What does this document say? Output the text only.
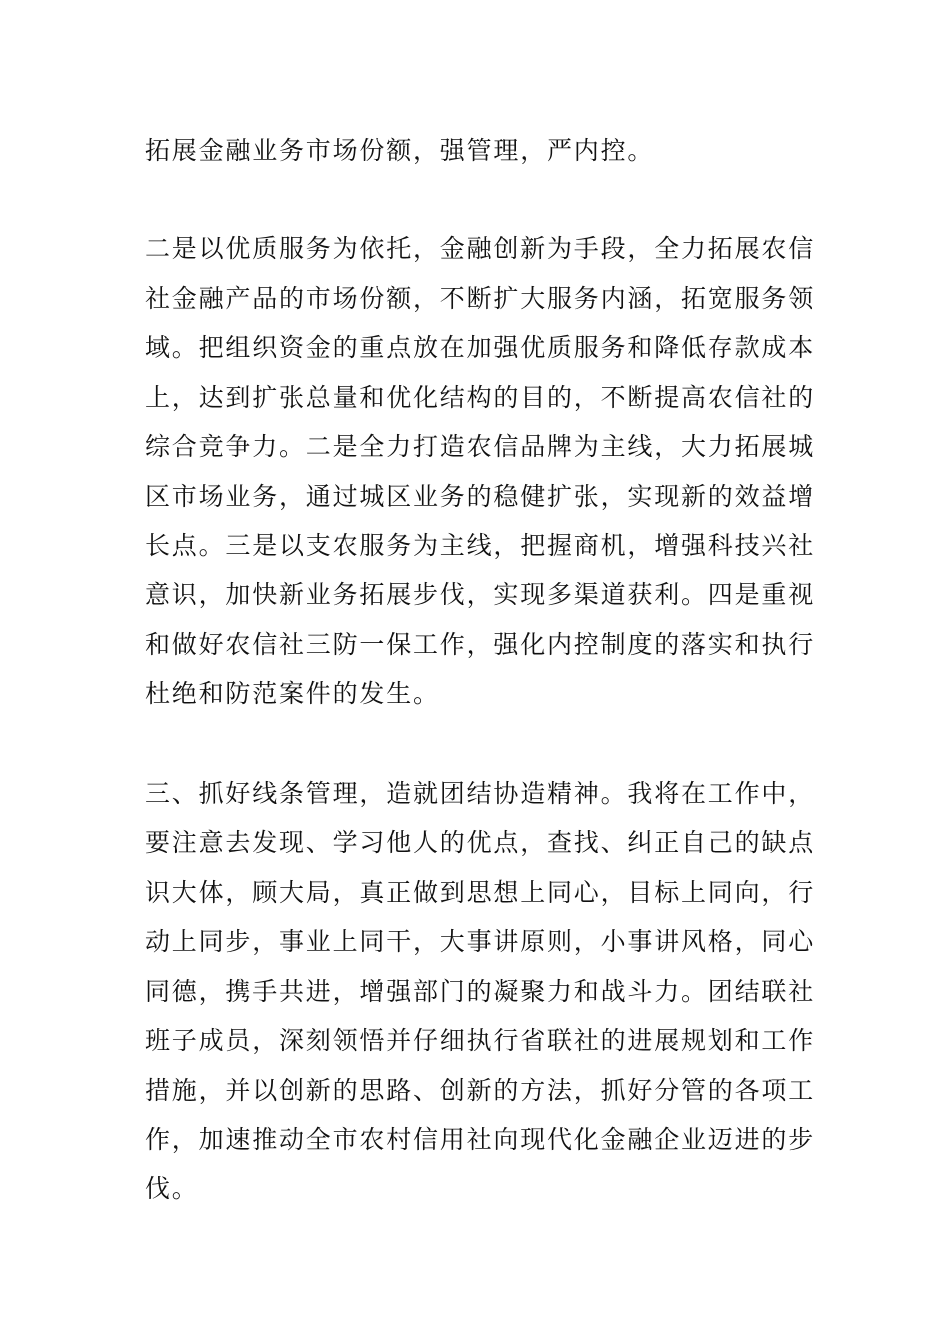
拓展金融业务市场份额，强管理，严内控。
二是以优质服务为依托，金融创新为手段，全力拓展农信
社金融产品的市场份额，不断扩大服务内涵，拓宽服务领
域。把组织资金的重点放在加强优质服务和降低存款成本
上，达到扩张总量和优化结构的目的，不断提高农信社的
综合竞争力。二是全力打造农信品牌为主线，大力拓展城
区市场业务，通过城区业务的稳健扩张，实现新的效益增
长点。三是以支农服务为主线，把握商机，增强科技兴社
意识，加快新业务拓展步伐，实现多渠道获利。四是重视
和做好农信社三防一保工作，强化内控制度的落实和执行
杜绝和防范案件的发生。
三、抓好线条管理，造就团结协造精神。我将在工作中，
要注意去发现、学习他人的优点，查找、纠正自己的缺点
识大体，顾大局，真正做到思想上同心，目标上同向，行
动上同步，事业上同干，大事讲原则，小事讲风格，同心
同德，携手共进，增强部门的凝聚力和战斗力。团结联社
班子成员，深刻领悟并仔细执行省联社的进展规划和工作
措施，并以创新的思路、创新的方法，抓好分管的各项工
作，加速推动全市农村信用社向现代化金融企业迈进的步
伐。
